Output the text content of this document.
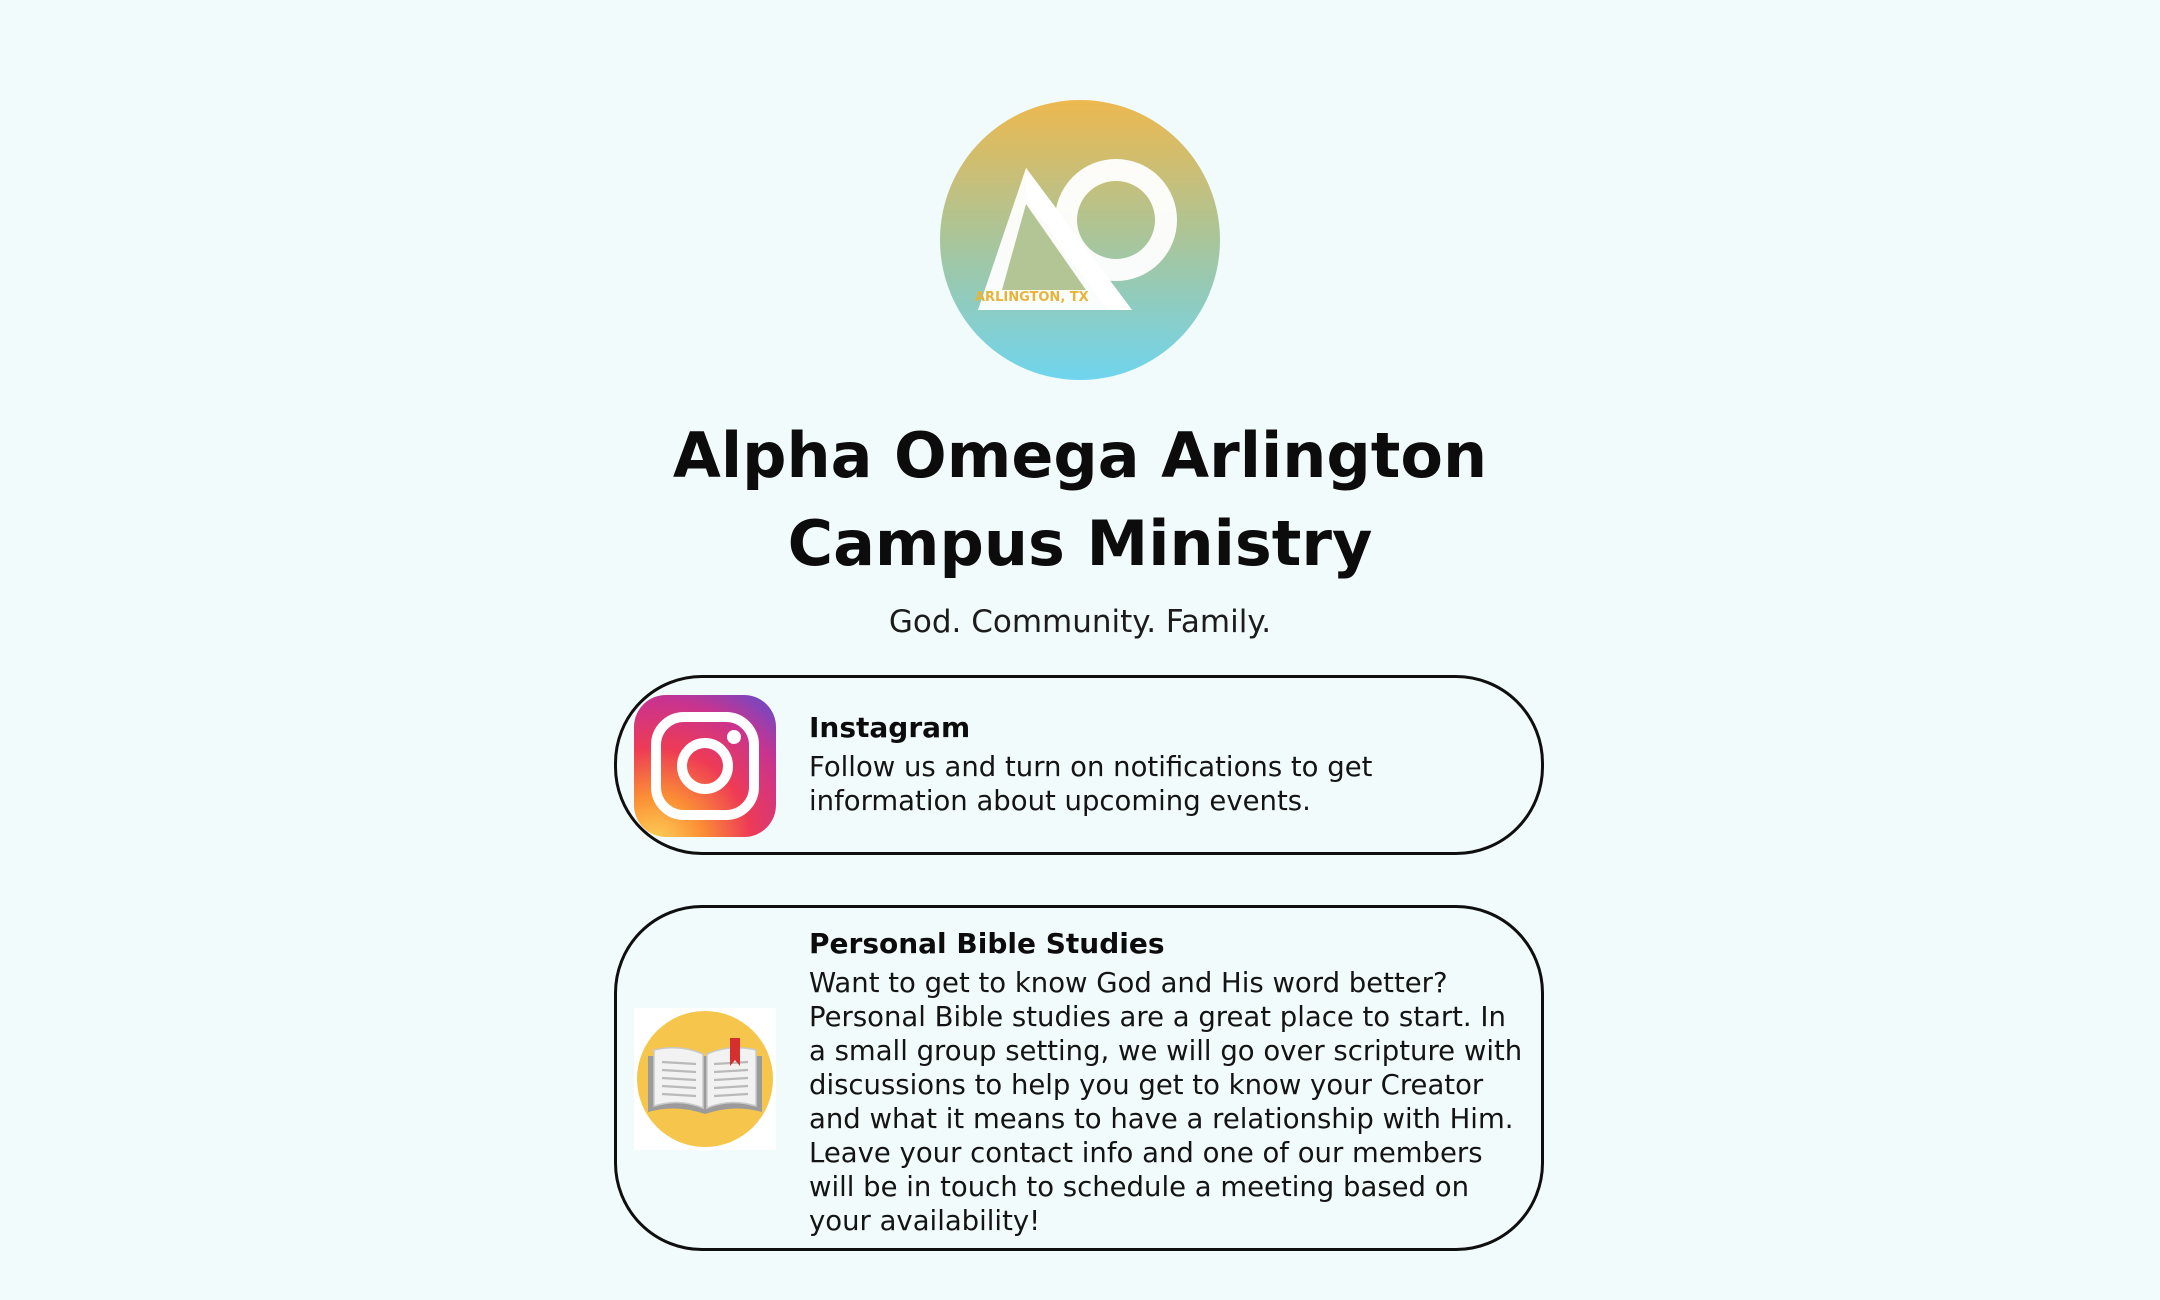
ARLINGTON, TX
Alpha Omega Arlington Campus Ministry
God. Community. Family.
Instagram
Follow us and turn on notifications to get information about upcoming events.
Personal Bible Studies
Want to get to know God and His word better? Personal Bible studies are a great place to start. In a small group setting, we will go over scripture with discussions to help you get to know your Creator and what it means to have a relationship with Him. Leave your contact info and one of our members will be in touch to schedule a meeting based on your availability!
